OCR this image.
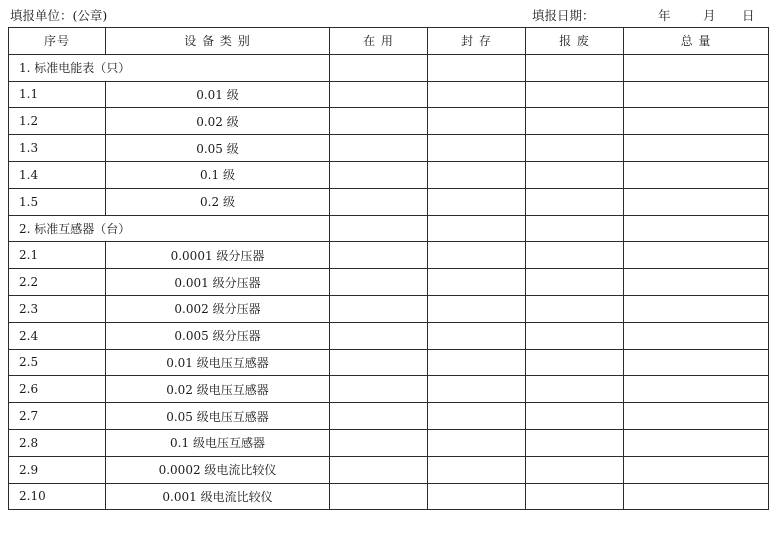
填报单位：(公章)	填报日期：	年	月 日
序号	设 备 类 别	在 用	封 存	报 废	总 量
1. 标准电能表（只）					
1.1	0.01 级				
1.2	0.02 级				
1.3	0.05 级				
1.4	0.1 级				
1.5	0.2 级				
2. 标准互感器（台）					
2.1	0.0001 级分压器				
2.2	0.001 级分压器				
2.3	0.002 级分压器				
2.4	0.005 级分压器				
2.5	0.01 级电压互感器				
2.6	0.02 级电压互感器				
2.7	0.05 级电压互感器				
2.8	0.1 级电压互感器				
2.9	0.0002 级电流比较仪				
2.10	0.001 级电流比较仪				
